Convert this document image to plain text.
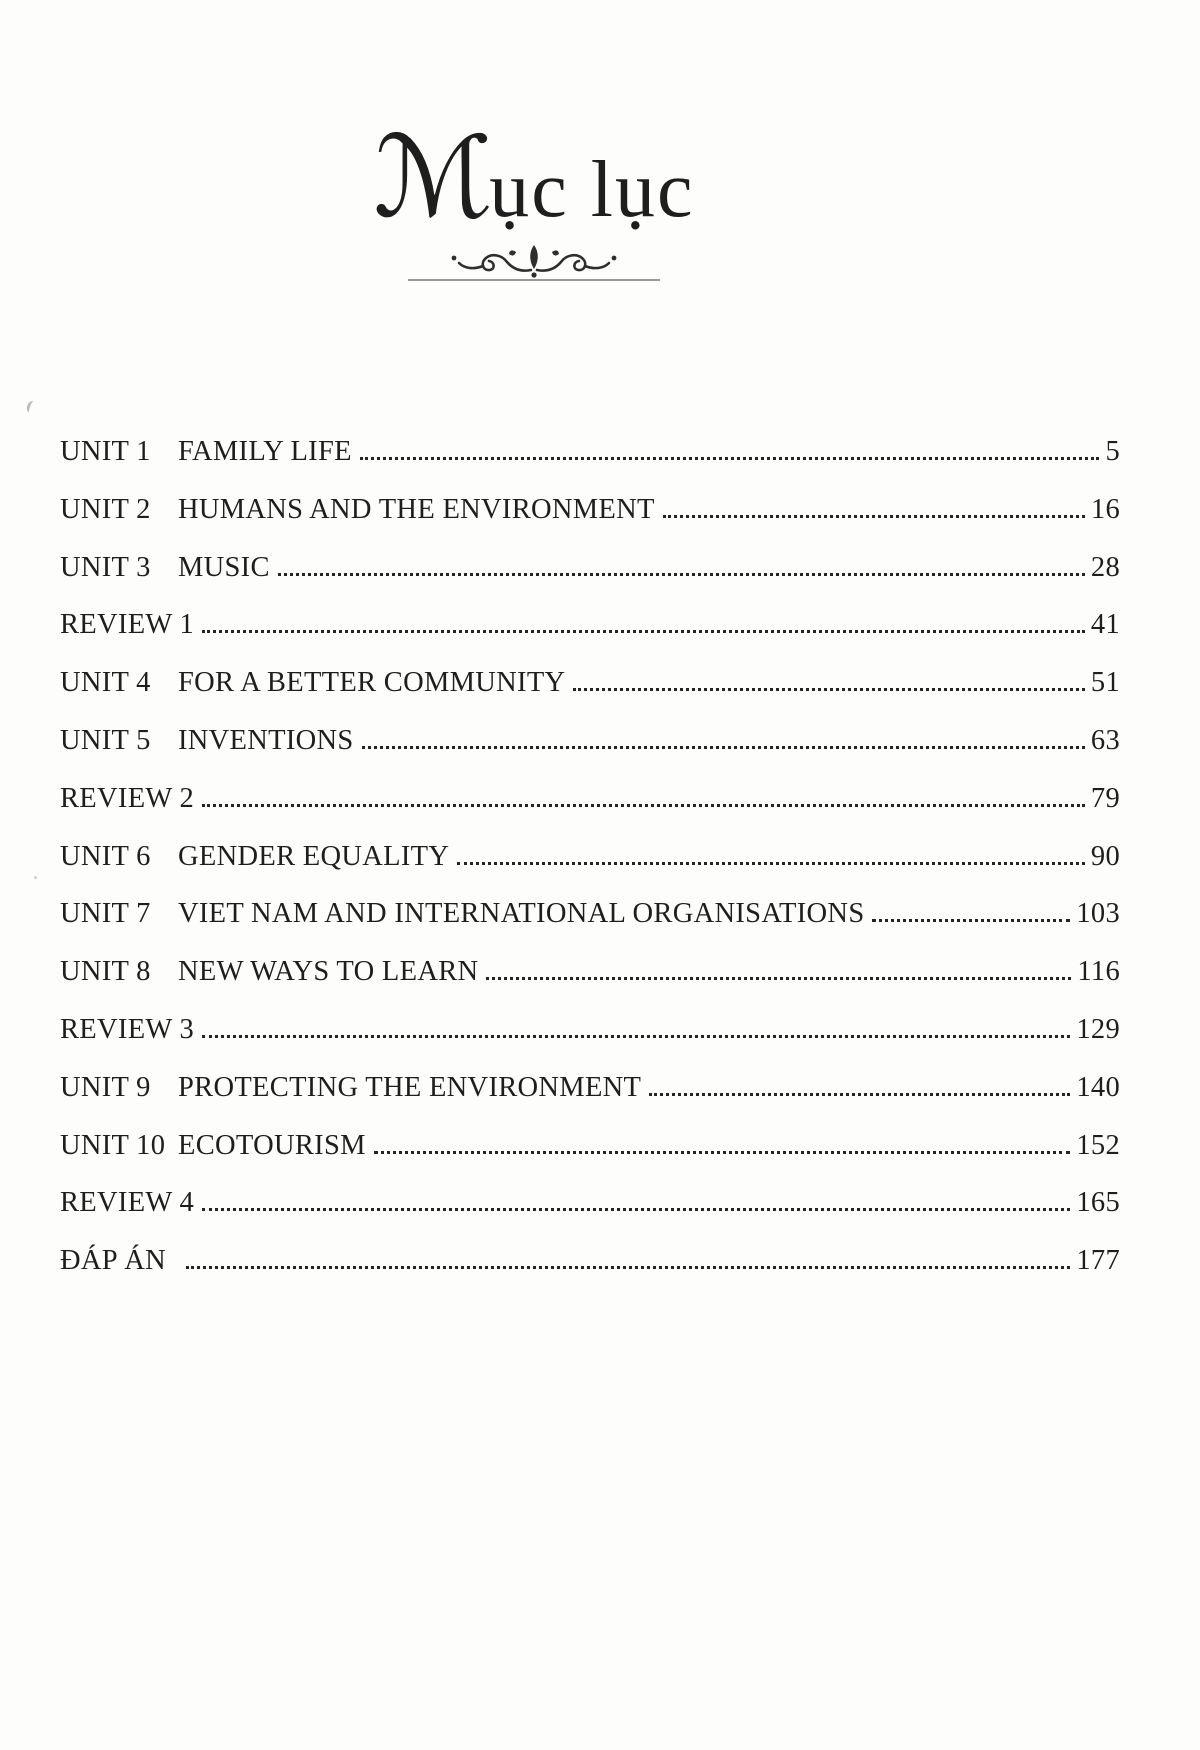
ℳục lục
UNIT 1 FAMILY LIFE	5
UNIT 2 HUMANS AND THE ENVIRONMENT	16
UNIT 3 MUSIC	28
REVIEW 1	41
UNIT 4 FOR A BETTER COMMUNITY	51
UNIT 5 INVENTIONS	63
REVIEW 2	79
UNIT 6 GENDER EQUALITY	90
UNIT 7 VIET NAM AND INTERNATIONAL ORGANISATIONS	103
UNIT 8 NEW WAYS TO LEARN	116
REVIEW 3	129
UNIT 9 PROTECTING THE ENVIRONMENT	140
UNIT 10 ECOTOURISM	152
REVIEW 4	165
ĐÁP ÁN	177
